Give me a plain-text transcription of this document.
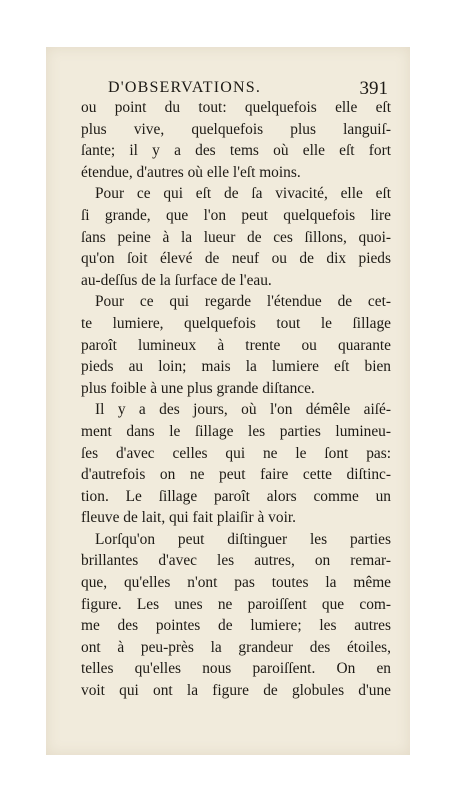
D'OBSERVATIONS.	391
ou point du tout: quelquefois elle eſt
plus vive, quelquefois plus languiſ-
ſante; il y a des tems où elle eſt fort
étendue, d'autres où elle l'eſt moins.
Pour ce qui eſt de ſa vivacité, elle eſt
ſi grande, que l'on peut quelquefois lire
ſans peine à la lueur de ces ſillons, quoi-
qu'on ſoit élevé de neuf ou de dix pieds
au-deſſus de la ſurface de l'eau.
Pour ce qui regarde l'étendue de cet-
te lumiere, quelquefois tout le ſillage
paroît lumineux à trente ou quarante
pieds au loin; mais la lumiere eſt bien
plus foible à une plus grande diſtance.
Il y a des jours, où l'on démêle aiſé-
ment dans le ſillage les parties lumineu-
ſes d'avec celles qui ne le ſont pas:
d'autrefois on ne peut faire cette diſtinc-
tion. Le ſillage paroît alors comme un
fleuve de lait, qui fait plaiſir à voir.
Lorſqu'on peut diſtinguer les parties
brillantes d'avec les autres, on remar-
que, qu'elles n'ont pas toutes la même
figure. Les unes ne paroiſſent que com-
me des pointes de lumiere; les autres
ont à peu-près la grandeur des étoiles,
telles qu'elles nous paroiſſent. On en
voit qui ont la figure de globules d'une
